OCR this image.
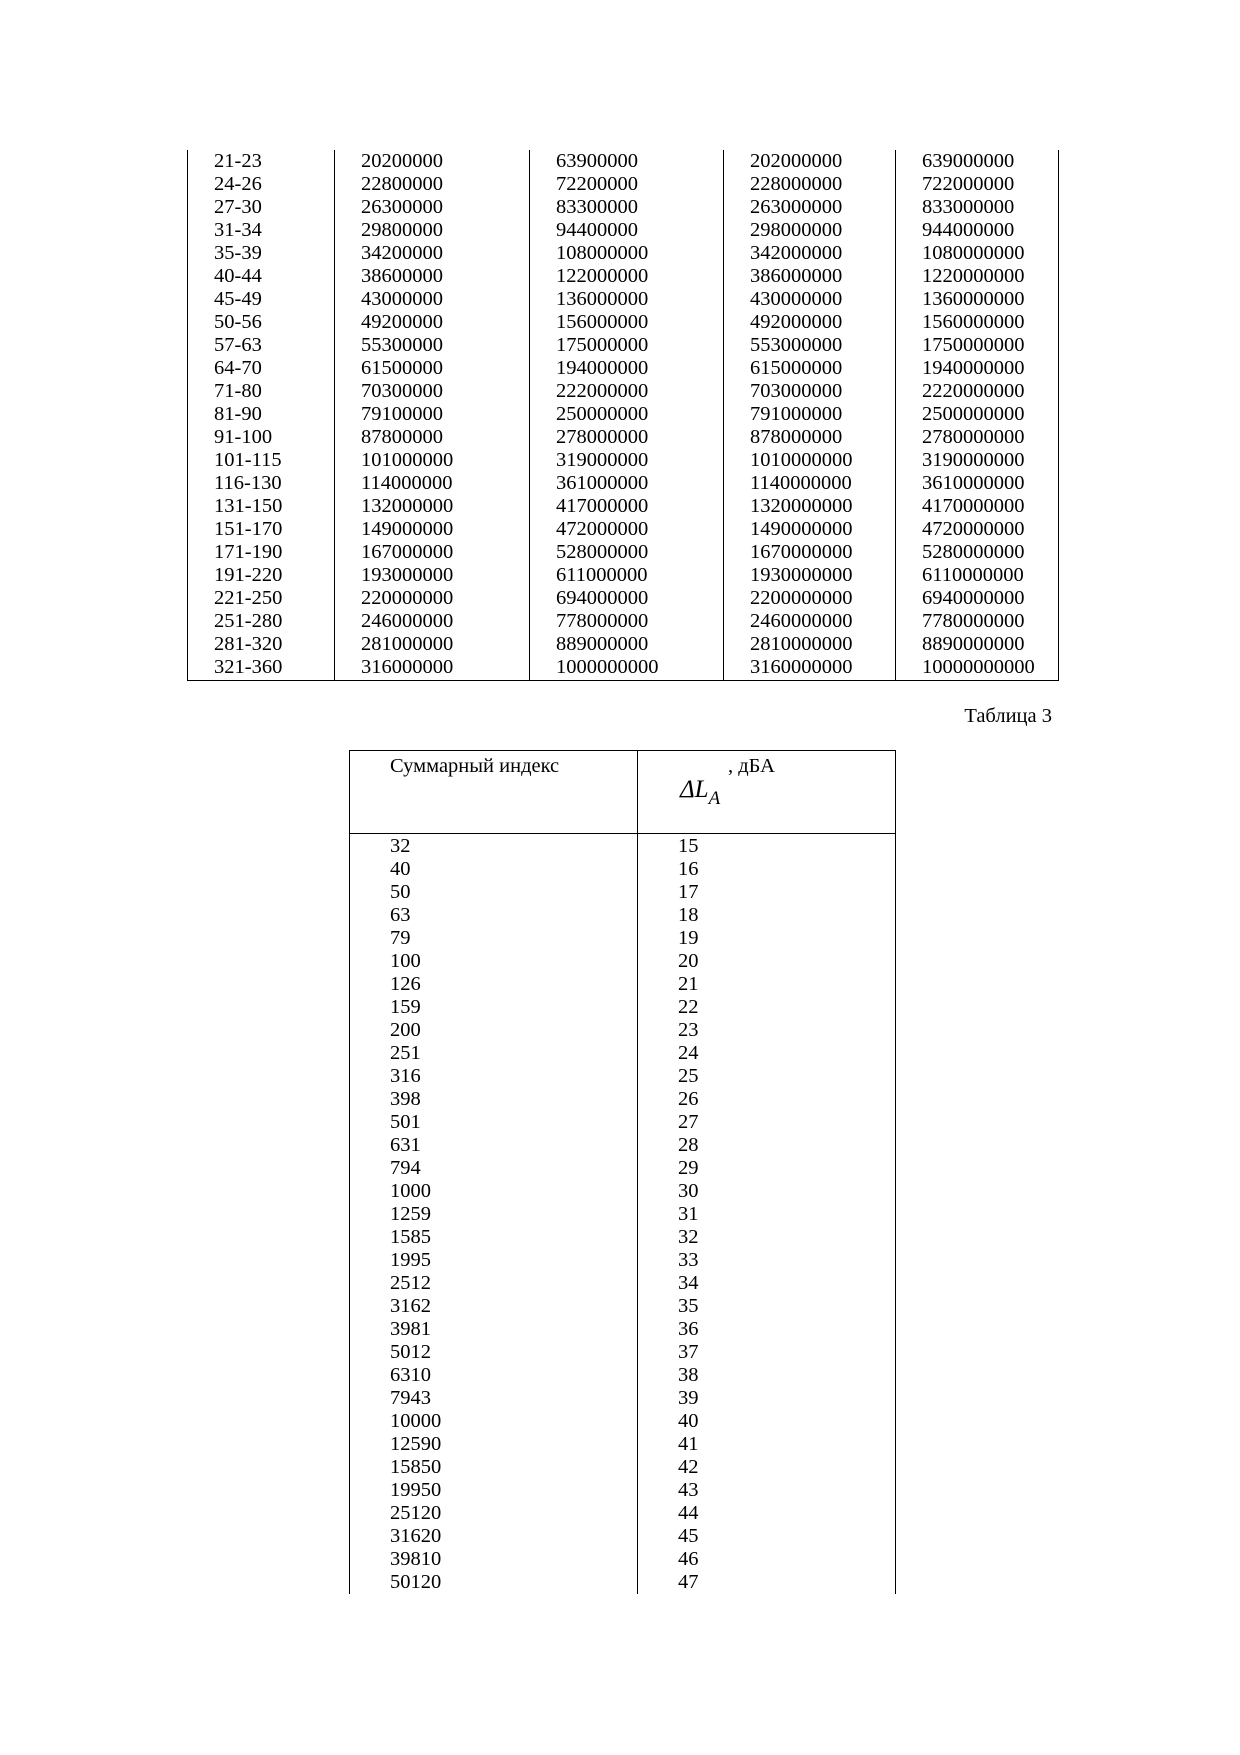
21-23	20200000	63900000	202000000	639000000
24-26	22800000	72200000	228000000	722000000
27-30	26300000	83300000	263000000	833000000
31-34	29800000	94400000	298000000	944000000
35-39	34200000	108000000	342000000	1080000000
40-44	38600000	122000000	386000000	1220000000
45-49	43000000	136000000	430000000	1360000000
50-56	49200000	156000000	492000000	1560000000
57-63	55300000	175000000	553000000	1750000000
64-70	61500000	194000000	615000000	1940000000
71-80	70300000	222000000	703000000	2220000000
81-90	79100000	250000000	791000000	2500000000
91-100	87800000	278000000	878000000	2780000000
101-115	101000000	319000000	1010000000	3190000000
116-130	114000000	361000000	1140000000	3610000000
131-150	132000000	417000000	1320000000	4170000000
151-170	149000000	472000000	1490000000	4720000000
171-190	167000000	528000000	1670000000	5280000000
191-220	193000000	611000000	1930000000	6110000000
221-250	220000000	694000000	2200000000	6940000000
251-280	246000000	778000000	2460000000	7780000000
281-320	281000000	889000000	2810000000	8890000000
321-360	316000000	1000000000	3160000000	10000000000
Таблица 3
Суммарный индекс	, дБА
$\Delta L_A$

32	15
40	16
50	17
63	18
79	19
100	20
126	21
159	22
200	23
251	24
316	25
398	26
501	27
631	28
794	29
1000	30
1259	31
1585	32
1995	33
2512	34
3162	35
3981	36
5012	37
6310	38
7943	39
10000	40
12590	41
15850	42
19950	43
25120	44
31620	45
39810	46
50120	47
